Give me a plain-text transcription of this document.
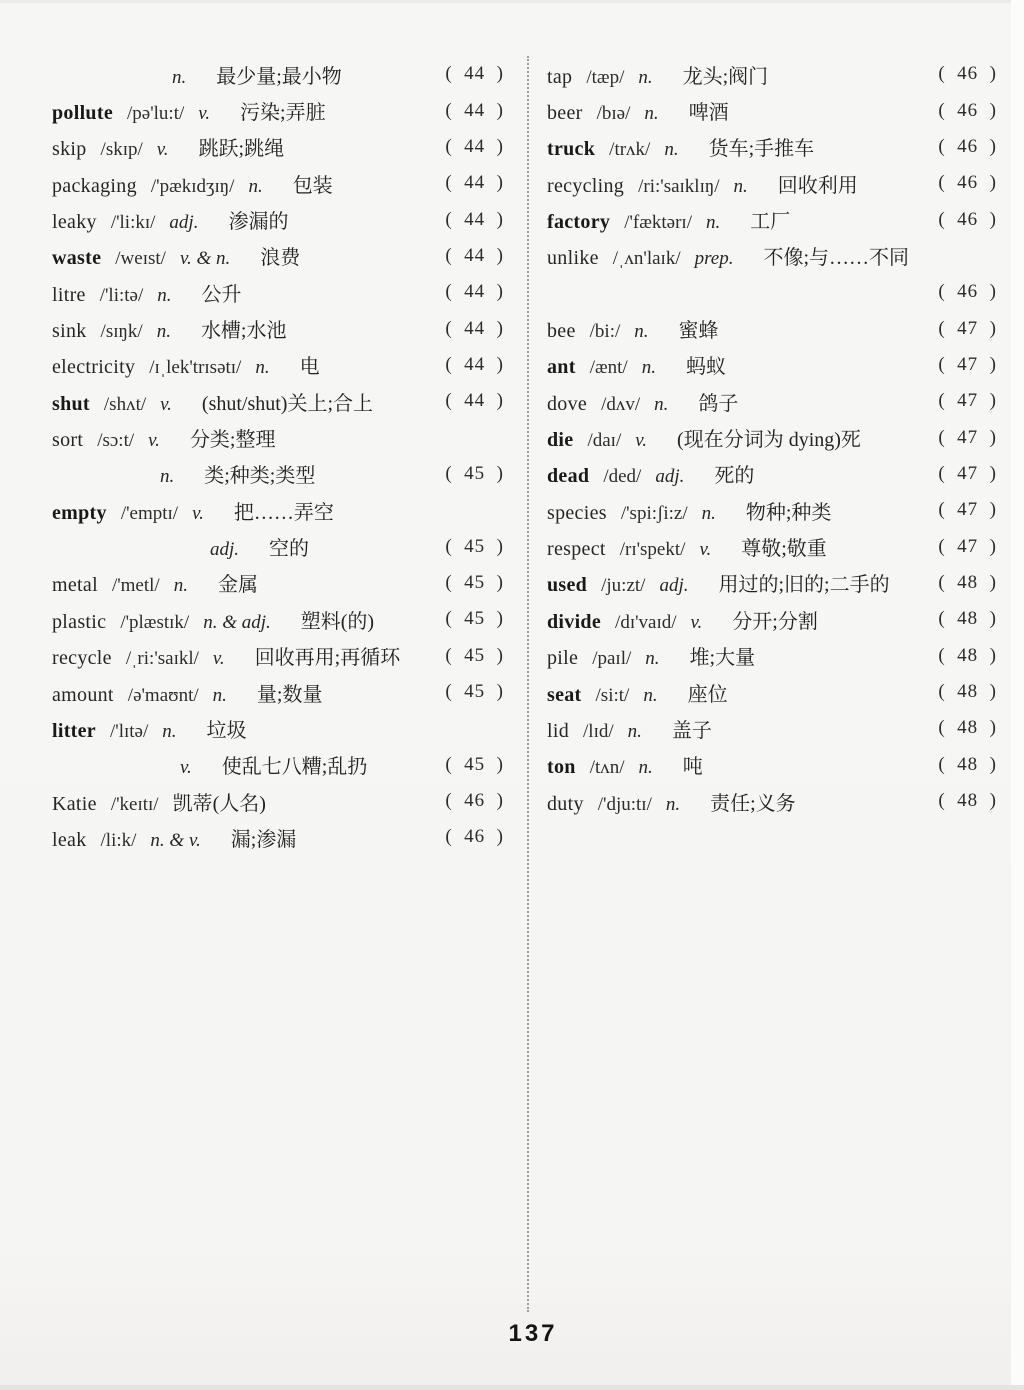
n. 最少量;最小物	(  44  )
pollute /pə'lu:t/ v. 污染;弄脏	(  44  )
skip /skɪp/ v. 跳跃;跳绳	(  44  )
packaging /'pækɪdʒɪŋ/ n. 包装	(  44  )
leaky /'li:kɪ/ adj. 渗漏的	(  44  )
waste /weɪst/ v. & n. 浪费	(  44  )
litre /'li:tə/ n. 公升	(  44  )
sink /sɪŋk/ n. 水槽;水池	(  44  )
electricity /ɪˌlek'trɪsətɪ/ n. 电	(  44  )
shut /shʌt/ v. (shut/shut)关上;合上	(  44  )
sort /sɔ:t/ v. 分类;整理
n. 类;种类;类型	(  45  )
empty /'emptɪ/ v. 把……弄空
adj. 空的	(  45  )
metal /'metl/ n. 金属	(  45  )
plastic /'plæstɪk/ n. & adj. 塑料(的)	(  45  )
recycle /ˌri:'saɪkl/ v. 回收再用;再循环	(  45  )
amount /ə'maʊnt/ n. 量;数量	(  45  )
litter /'lɪtə/ n. 垃圾
v. 使乱七八糟;乱扔	(  45  )
Katie /'keɪtɪ/ 凯蒂(人名)	(  46  )
leak /li:k/ n. & v. 漏;渗漏	(  46  )
tap /tæp/ n. 龙头;阀门	(  46  )
beer /bɪə/ n. 啤酒	(  46  )
truck /trʌk/ n. 货车;手推车	(  46  )
recycling /ri:'saɪklɪŋ/ n. 回收利用	(  46  )
factory /'fæktərɪ/ n. 工厂	(  46  )
unlike /ˌʌn'laɪk/ prep. 不像;与……不同
(  46  )
bee /bi:/ n. 蜜蜂	(  47  )
ant /ænt/ n. 蚂蚁	(  47  )
dove /dʌv/ n. 鸽子	(  47  )
die /daɪ/ v. (现在分词为 dying)死	(  47  )
dead /ded/ adj. 死的	(  47  )
species /'spi:ʃi:z/ n. 物种;种类	(  47  )
respect /rɪ'spekt/ v. 尊敬;敬重	(  47  )
used /ju:zt/ adj. 用过的;旧的;二手的	(  48  )
divide /dɪ'vaɪd/ v. 分开;分割	(  48  )
pile /paɪl/ n. 堆;大量	(  48  )
seat /si:t/ n. 座位	(  48  )
lid /lɪd/ n. 盖子	(  48  )
ton /tʌn/ n. 吨	(  48  )
duty /'dju:tɪ/ n. 责任;义务	(  48  )
137
